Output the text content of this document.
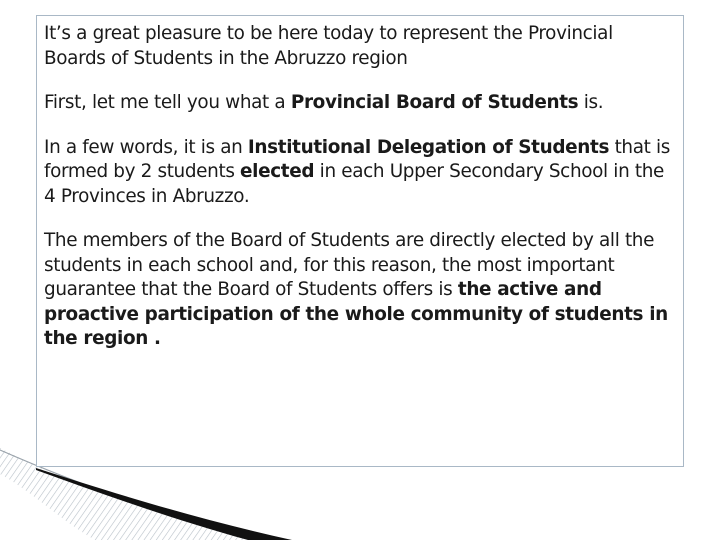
It’s a great pleasure to be here today to represent the Provincial Boards of Students in the Abruzzo region

First, let me tell you what a Provincial Board of Students is.

In a few words, it is an Institutional Delegation of Students that is formed by 2 students elected in each Upper Secondary School in the 4 Provinces in Abruzzo.

The members of the Board of Students are directly elected by all the students in each school and, for this reason, the most important guarantee that the Board of Students offers is the active and proactive participation of the whole community of students in the region .
